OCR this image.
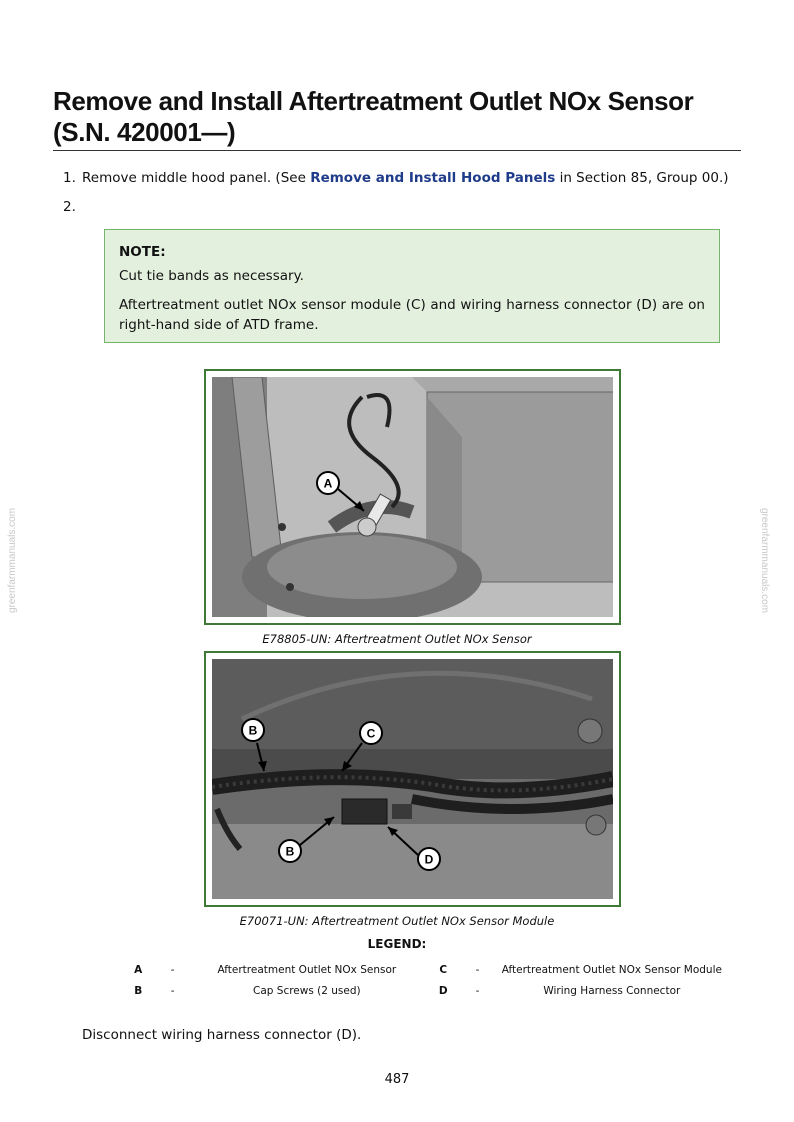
Remove and Install Aftertreatment Outlet NOx Sensor (S.N. 420001—)
1. Remove middle hood panel. (See Remove and Install Hood Panels in Section 85, Group 00.)
2.
NOTE:

Cut tie bands as necessary.

Aftertreatment outlet NOx sensor module (C) and wiring harness connector (D) are on right-hand side of ATD frame.

A
E78805-UN: Aftertreatment Outlet NOx Sensor
B	C
B
D
E70071-UN: Aftertreatment Outlet NOx Sensor Module
LEGEND:
A	-	Aftertreatment Outlet NOx Sensor	C	-	Aftertreatment Outlet NOx Sensor Module
B	-	Cap Screws (2 used)	D	-	Wiring Harness Connector
Disconnect wiring harness connector (D).
487
greenfarmmanuals.com	greenfarmmanuals.com
